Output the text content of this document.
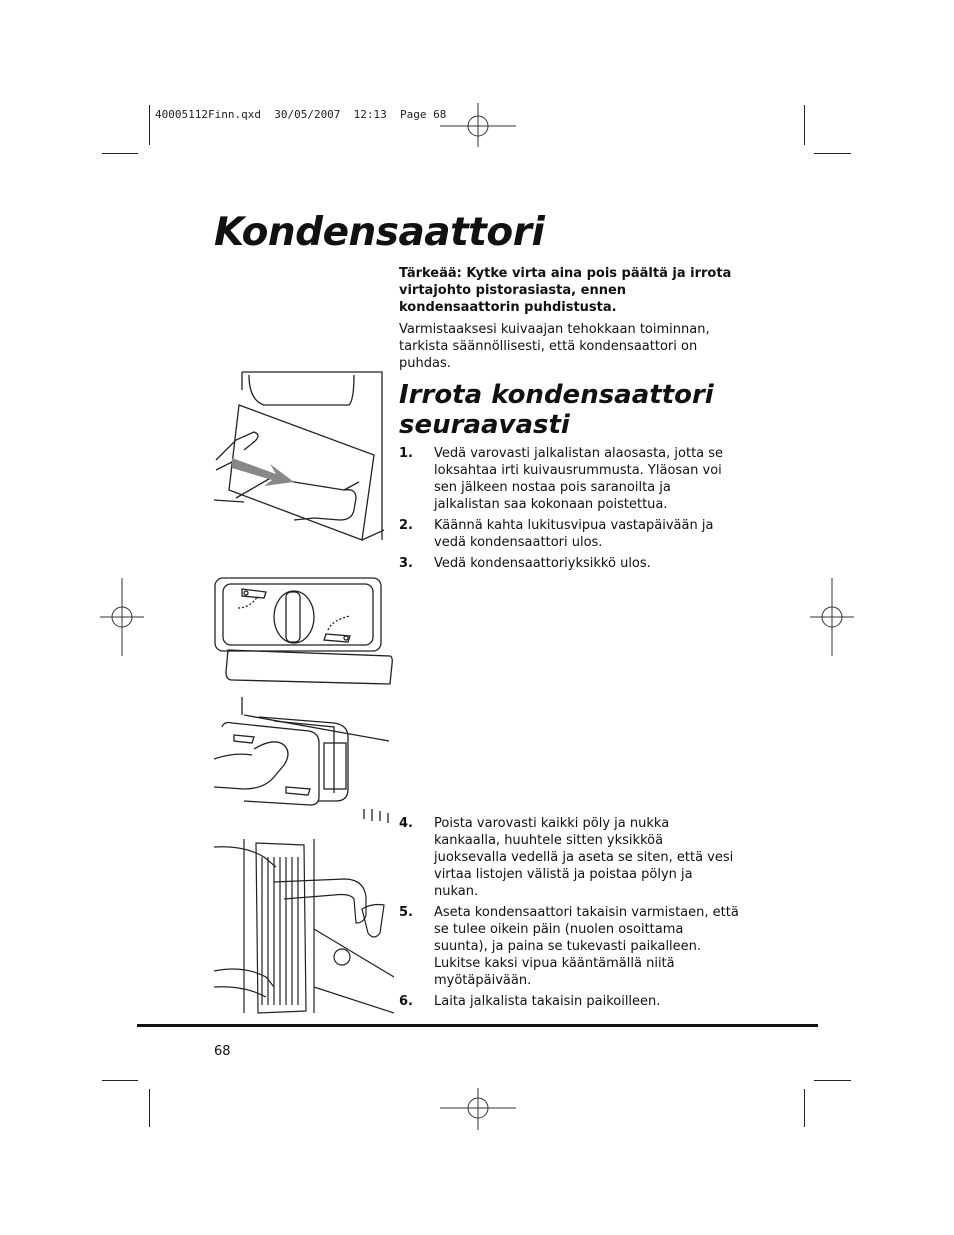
40005112Finn.qxd  30/05/2007  12:13  Page 68
Kondensaattori
Tärkeää: Kytke virta aina pois päältä ja irrota virtajohto pistorasiasta, ennen kondensaattorin puhdistusta.
Varmistaaksesi kuivaajan tehokkaan toiminnan, tarkista säännöllisesti, että kondensaattori on puhdas.
Irrota kondensaattori seuraavasti
1.	Vedä varovasti jalkalistan alaosasta, jotta se loksahtaa irti kuivausrummusta. Yläosan voi sen jälkeen nostaa pois saranoilta ja jalkalistan saa kokonaan poistettua.
2.	Käännä kahta lukitusvipua vastapäivään ja vedä kondensaattori ulos.
3.	Vedä kondensaattoriyksikkö ulos.
4.	Poista varovasti kaikki pöly ja nukka kankaalla, huuhtele sitten yksikköä juoksevalla vedellä ja aseta se siten, että vesi virtaa listojen välistä ja poistaa pölyn ja nukan.
5.	Aseta kondensaattori takaisin varmistaen, että se tulee oikein päin (nuolen osoittama suunta), ja paina se tukevasti paikalleen. Lukitse kaksi vipua kääntämällä niitä myötäpäivään.
6.	Laita jalkalista takaisin paikoilleen.
68
